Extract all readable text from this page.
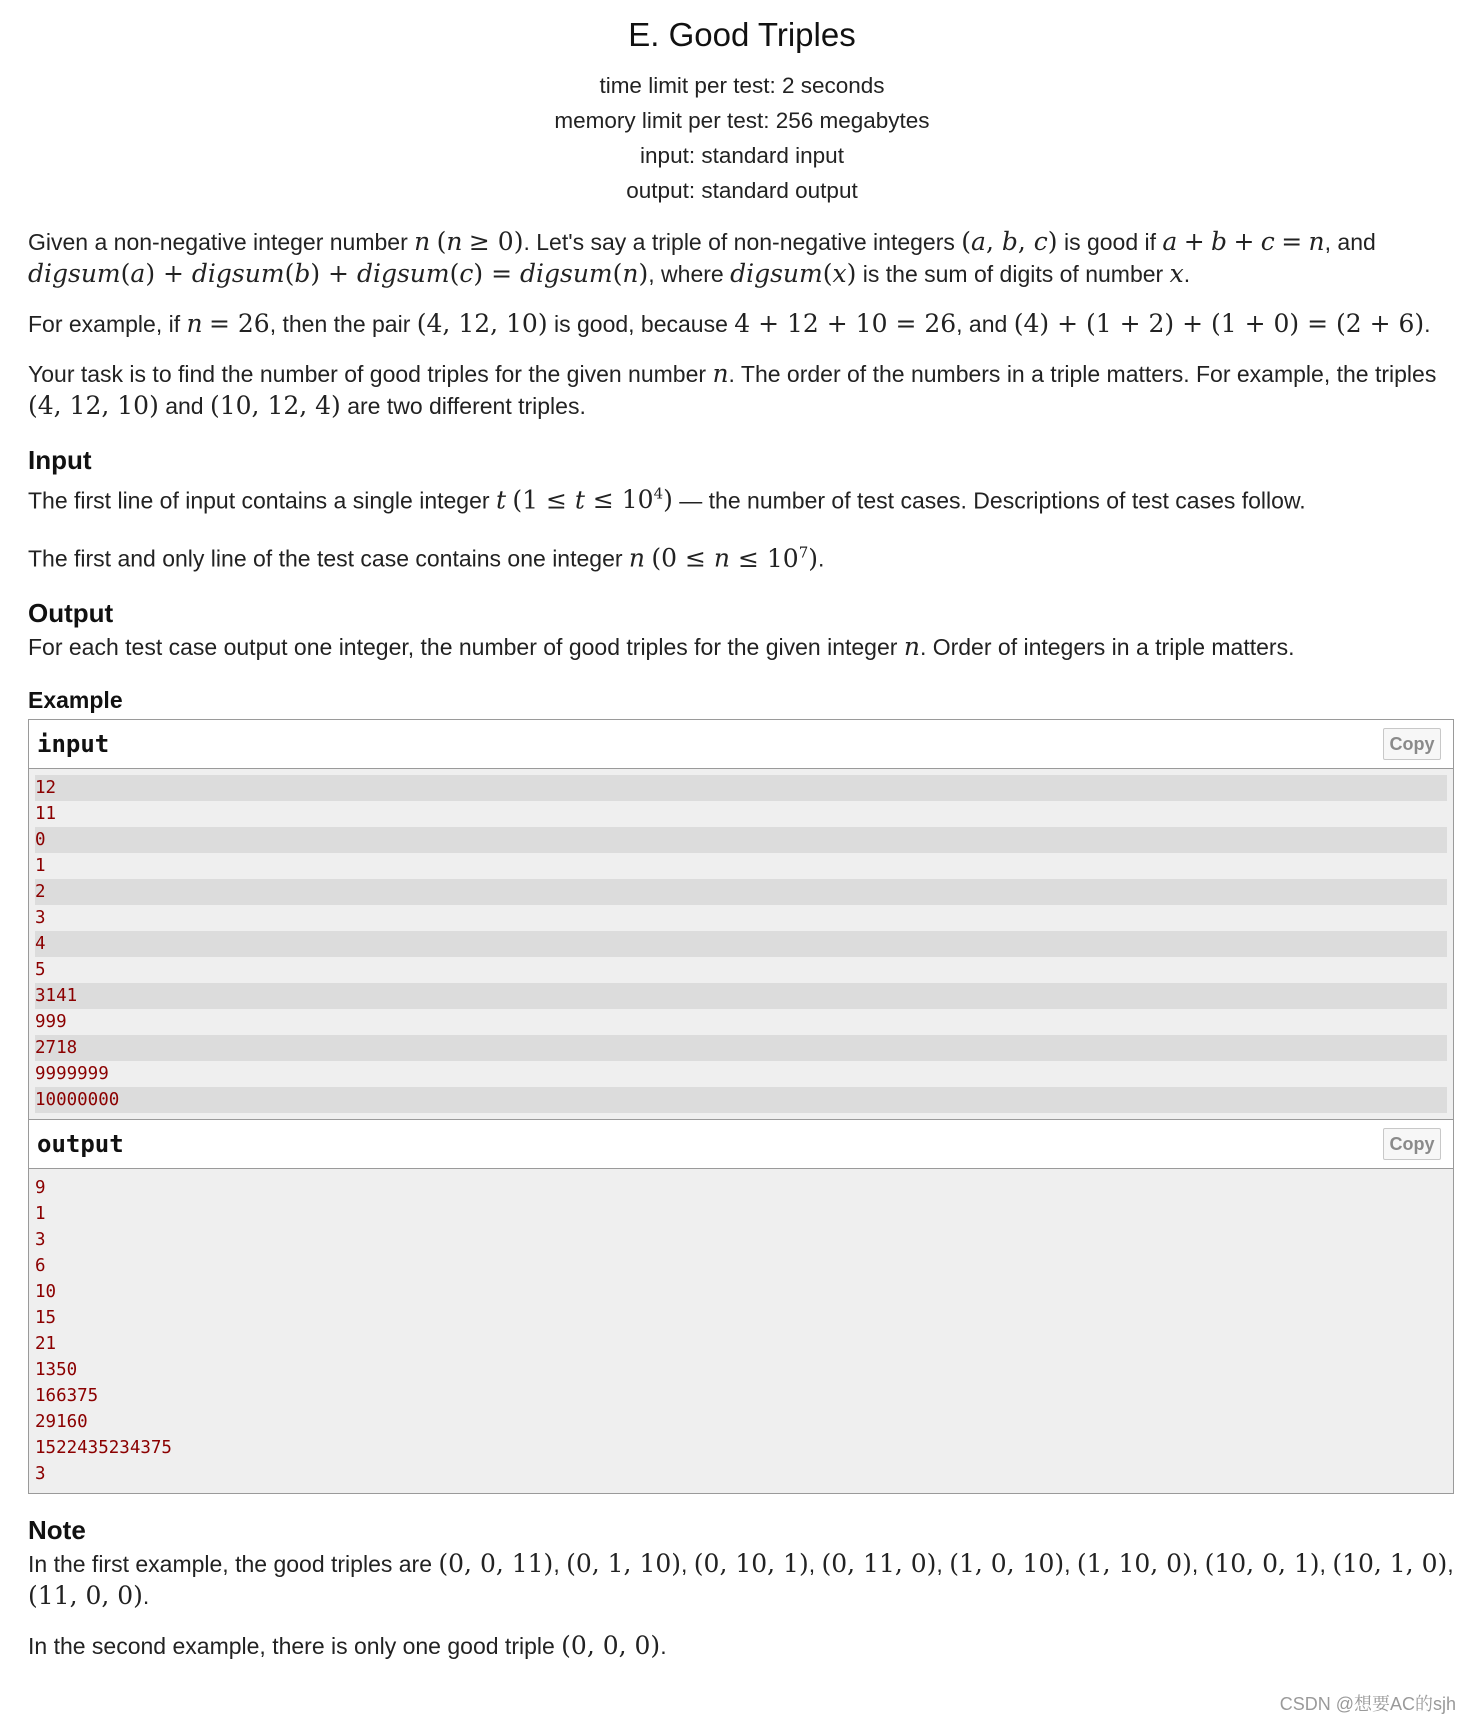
E. Good Triples
time limit per test: 2 seconds
memory limit per test: 256 megabytes
input: standard input
output: standard output

Given a non-negative integer number n (n ≥ 0). Let's say a triple of non-negative integers (a, b, c) is good if a + b + c = n, and
digsum(a) + digsum(b) + digsum(c) = digsum(n), where digsum(x) is the sum of digits of number x.

For example, if n = 26, then the pair (4, 12, 10) is good, because 4 + 12 + 10 = 26, and (4) + (1 + 2) + (1 + 0) = (2 + 6).

Your task is to find the number of good triples for the given number n. The order of the numbers in a triple matters. For example, the triples
(4, 12, 10) and (10, 12, 4) are two different triples.

Input

The first line of input contains a single integer t $(1 \le t \le 10^4)$ — the number of test cases. Descriptions of test cases follow.

The first and only line of the test case contains one integer n $(0 \le n \le 10^7)$.

Output

For each test case output one integer, the number of good triples for the given integer n. Order of integers in a triple matters.

Example

input	Copy
12
11
0
1
2
3
4
5
3141
999
2718
9999999
10000000
output	Copy
9
1
3
6
10
15
21
1350
166375
29160
1522435234375
3

Note

In the first example, the good triples are (0, 0, 11), (0, 1, 10), (0, 10, 1), (0, 11, 0), (1, 0, 10), (1, 10, 0), (10, 0, 1), (10, 1, 0),
(11, 0, 0).

In the second example, there is only one good triple (0, 0, 0).

CSDN @想要AC的sjh
